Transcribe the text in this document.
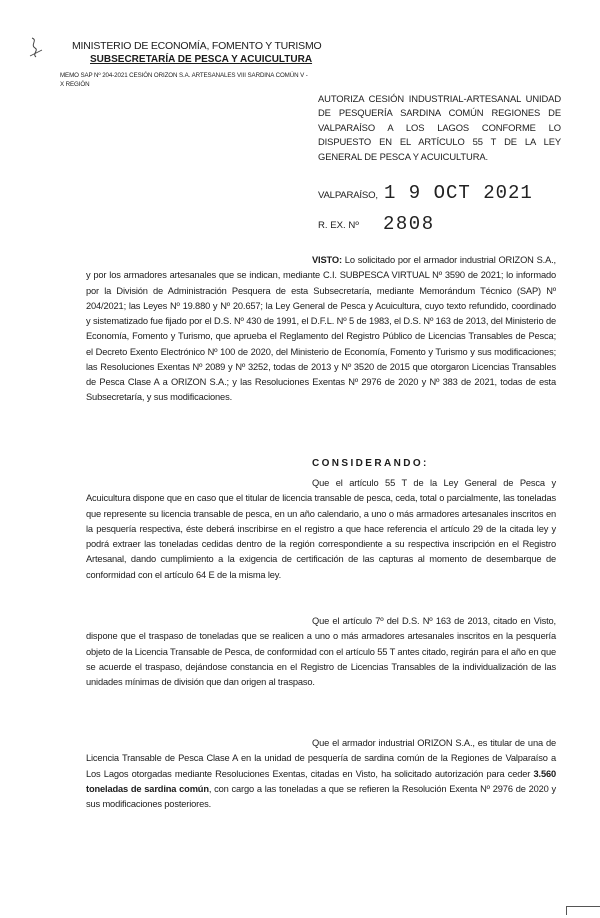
MINISTERIO DE ECONOMÍA, FOMENTO Y TURISMO
SUBSECRETARÍA DE PESCA Y ACUICULTURA
MEMO SAP Nº 204-2021 CESIÓN ORIZON S.A. ARTESANALES VIII SARDINA COMÚN V - X REGIÓN
AUTORIZA CESIÓN INDUSTRIAL-ARTESANAL UNIDAD DE PESQUERÍA SARDINA COMÚN REGIONES DE VALPARAÍSO A LOS LAGOS CONFORME LO DISPUESTO EN EL ARTÍCULO 55 T DE LA LEY GENERAL DE PESCA Y ACUICULTURA.
VALPARAÍSO, 1 9 OCT 2021
R. EX. Nº 2808

VISTO: Lo solicitado por el armador industrial ORIZON S.A., y por los armadores artesanales que se indican, mediante C.I. SUBPESCA VIRTUAL Nº 3590 de 2021; lo informado por la División de Administración Pesquera de esta Subsecretaría, mediante Memorándum Técnico (SAP) Nº 204/2021; las Leyes Nº 19.880 y Nº 20.657; la Ley General de Pesca y Acuicultura, cuyo texto refundido, coordinado y sistematizado fue fijado por el D.S. Nº 430 de 1991, el D.F.L. Nº 5 de 1983, el D.S. Nº 163 de 2013, del Ministerio de Economía, Fomento y Turismo, que aprueba el Reglamento del Registro Público de Licencias Transables de Pesca; el Decreto Exento Electrónico Nº 100 de 2020, del Ministerio de Economía, Fomento y Turismo y sus modificaciones; las Resoluciones Exentas Nº 2089 y Nº 3252, todas de 2013 y Nº 3520 de 2015 que otorgaron Licencias Transables de Pesca Clase A a ORIZON S.A.; y las Resoluciones Exentas Nº 2976 de 2020 y Nº 383 de 2021, todas de esta Subsecretaría, y sus modificaciones.

CONSIDERANDO:

Que el artículo 55 T de la Ley General de Pesca y Acuicultura dispone que en caso que el titular de licencia transable de pesca, ceda, total o parcialmente, las toneladas que represente su licencia transable de pesca, en un año calendario, a uno o más armadores artesanales inscritos en la pesquería respectiva, éste deberá inscribirse en el registro a que hace referencia el artículo 29 de la citada ley y podrá extraer las toneladas cedidas dentro de la región correspondiente a su respectiva inscripción en el Registro Artesanal, dando cumplimiento a la exigencia de certificación de las capturas al momento de desembarque de conformidad con el artículo 64 E de la misma ley.

Que el artículo 7º del D.S. Nº 163 de 2013, citado en Visto, dispone que el traspaso de toneladas que se realicen a uno o más armadores artesanales inscritos en la pesquería objeto de la Licencia Transable de Pesca, de conformidad con el artículo 55 T antes citado, regirán para el año en que se acuerde el traspaso, dejándose constancia en el Registro de Licencias Transables de la individualización de las unidades mínimas de división que dan origen al traspaso.

Que el armador industrial ORIZON S.A., es titular de una de Licencia Transable de Pesca Clase A en la unidad de pesquería de sardina común de la Regiones de Valparaíso a Los Lagos otorgadas mediante Resoluciones Exentas, citadas en Visto, ha solicitado autorización para ceder 3.560 toneladas de sardina común, con cargo a las toneladas a que se refieren la Resolución Exenta Nº 2976 de 2020 y sus modificaciones posteriores.
